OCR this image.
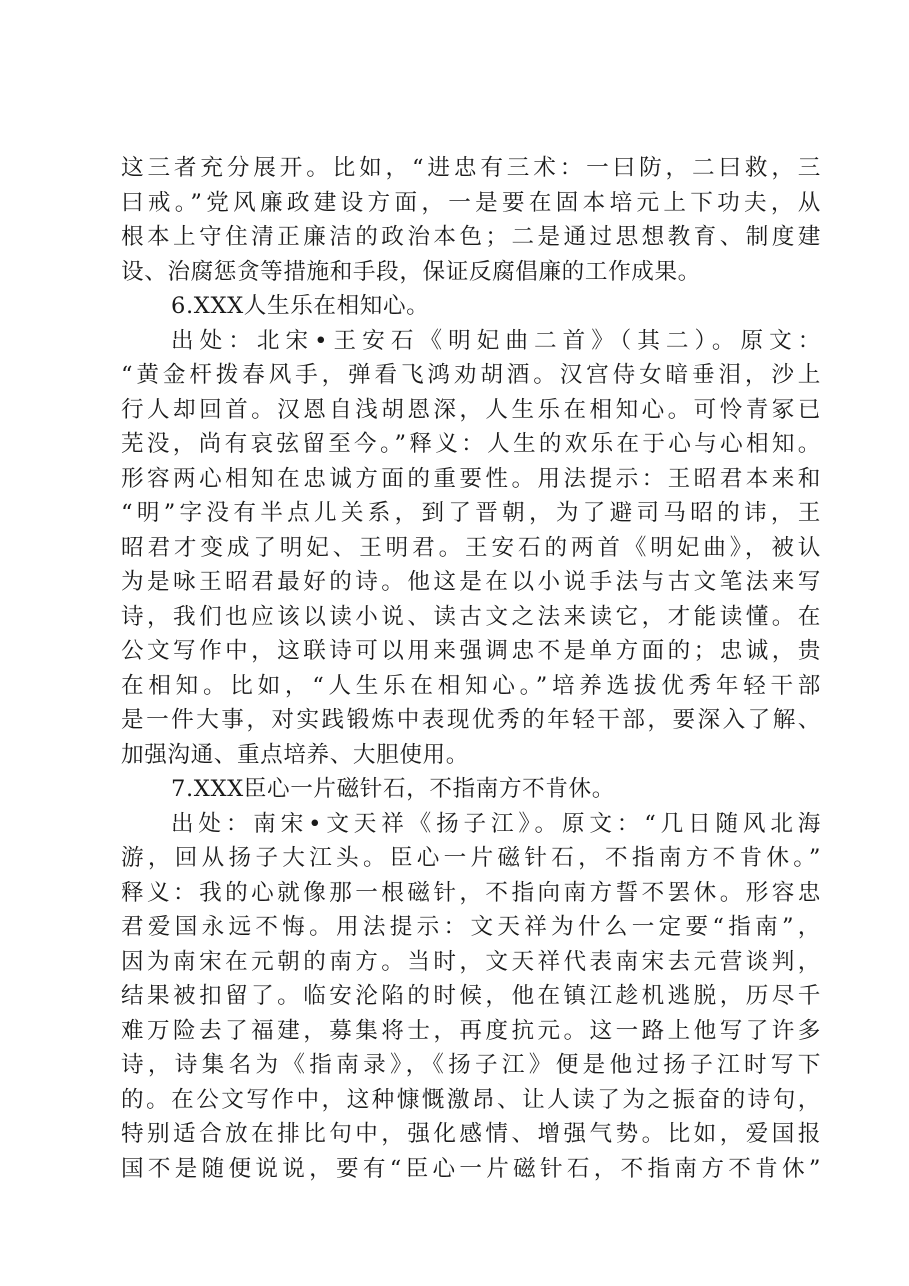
这三者充分展开。比如，“进忠有三术：一曰防，二曰救，三
曰戒。”党风廉政建设方面，一是要在固本培元上下功夫，从
根本上守住清正廉洁的政治本色；二是通过思想教育、制度建
设、治腐惩贪等措施和手段，保证反腐倡廉的工作成果。
6.XXX人生乐在相知心。
出处：北宋•王安石《明妃曲二首》（其二）。原文：
“黄金杆拨春风手，弹看飞鸿劝胡酒。汉宫侍女暗垂泪，沙上
行人却回首。汉恩自浅胡恩深，人生乐在相知心。可怜青冢已
芜没，尚有哀弦留至今。”释义：人生的欢乐在于心与心相知。
形容两心相知在忠诚方面的重要性。用法提示：王昭君本来和
“明”字没有半点儿关系，到了晋朝，为了避司马昭的讳，王
昭君才变成了明妃、王明君。王安石的两首《明妃曲》，被认
为是咏王昭君最好的诗。他这是在以小说手法与古文笔法来写
诗，我们也应该以读小说、读古文之法来读它，才能读懂。在
公文写作中，这联诗可以用来强调忠不是单方面的；忠诚，贵
在相知。比如，“人生乐在相知心。”培养选拔优秀年轻干部
是一件大事，对实践锻炼中表现优秀的年轻干部，要深入了解、
加强沟通、重点培养、大胆使用。
7.XXX臣心一片磁针石，不指南方不肯休。
出处：南宋•文天祥《扬子江》。原文：“几日随风北海
游，回从扬子大江头。臣心一片磁针石，不指南方不肯休。”
释义：我的心就像那一根磁针，不指向南方誓不罢休。形容忠
君爱国永远不悔。用法提示：文天祥为什么一定要“指南”，
因为南宋在元朝的南方。当时，文天祥代表南宋去元营谈判，
结果被扣留了。临安沦陷的时候，他在镇江趁机逃脱，历尽千
难万险去了福建，募集将士，再度抗元。这一路上他写了许多
诗，诗集名为《指南录》，《扬子江》便是他过扬子江时写下
的。在公文写作中，这种慷慨激昂、让人读了为之振奋的诗句，
特别适合放在排比句中，强化感情、增强气势。比如，爱国报
国不是随便说说，要有“臣心一片磁针石，不指南方不肯休”
